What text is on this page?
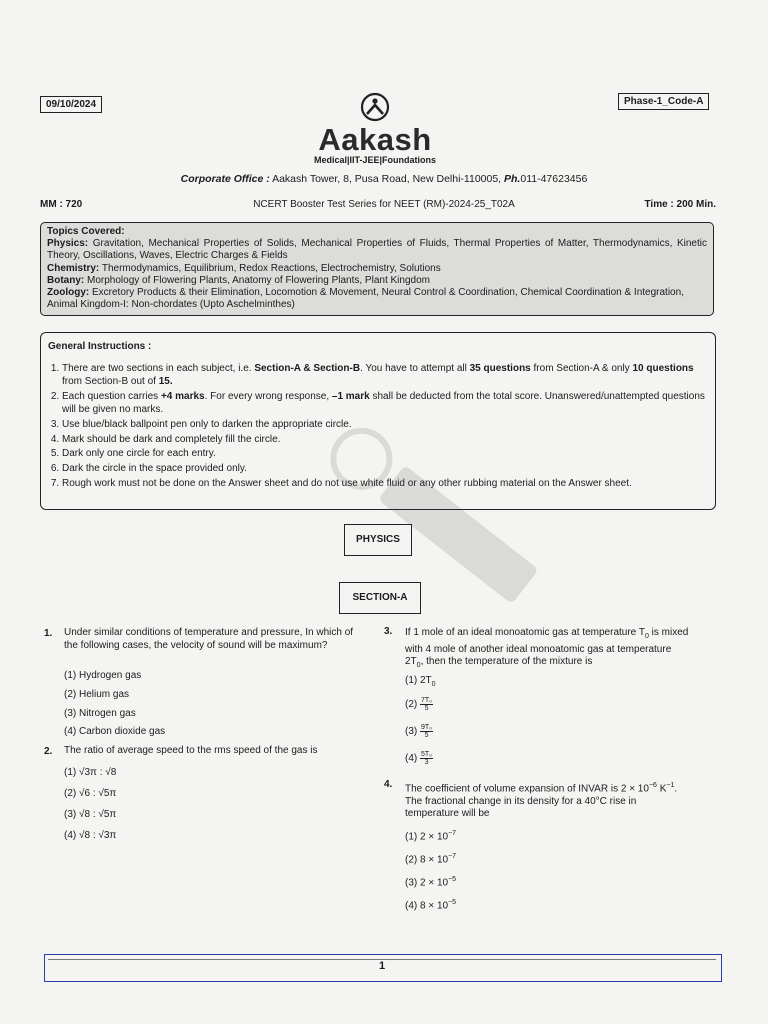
09/10/2024	Phase-1_Code-A
Aakash
Medical|IIT-JEE|Foundations
Corporate Office : Aakash Tower, 8, Pusa Road, New Delhi-110005, Ph.011-47623456
MM : 720	NCERT Booster Test Series for NEET (RM)-2024-25_T02A	Time : 200 Min.
Topics Covered:
Physics: Gravitation, Mechanical Properties of Solids, Mechanical Properties of Fluids, Thermal Properties of Matter, Thermodynamics, Kinetic Theory, Oscillations, Waves, Electric Charges & Fields
Chemistry: Thermodynamics, Equilibrium, Redox Reactions, Electrochemistry, Solutions
Botany: Morphology of Flowering Plants, Anatomy of Flowering Plants, Plant Kingdom
Zoology: Excretory Products & their Elimination, Locomotion & Movement, Neural Control & Coordination, Chemical Coordination & Integration, Animal Kingdom-I: Non-chordates (Upto Aschelminthes)
General Instructions :
1. There are two sections in each subject, i.e. Section-A & Section-B. You have to attempt all 35 questions from Section-A & only 10 questions from Section-B out of 15.
2. Each question carries +4 marks. For every wrong response, –1 mark shall be deducted from the total score. Unanswered/unattempted questions will be given no marks.
3. Use blue/black ballpoint pen only to darken the appropriate circle.
4. Mark should be dark and completely fill the circle.
5. Dark only one circle for each entry.
6. Dark the circle in the space provided only.
7. Rough work must not be done on the Answer sheet and do not use white fluid or any other rubbing material on the Answer sheet.
PHYSICS
SECTION-A
1. Under similar conditions of temperature and pressure, In which of the following cases, the velocity of sound will be maximum?
(1) Hydrogen gas
(2) Helium gas
(3) Nitrogen gas
(4) Carbon dioxide gas
2. The ratio of average speed to the rms speed of the gas is
(1) √3π : √8
(2) √6 : √5π
(3) √8 : √5π
(4) √8 : √3π
3. If 1 mole of an ideal monoatomic gas at temperature $T_0$ is mixed with 4 mole of another ideal monoatomic gas at temperature $2T_0$, then the temperature of the mixture is
(1) $2T_0$
$(2) \frac{\text{7T₀}}{5}$
$(3) \frac{\text{9T₀}}{5}$
$(4) \frac{\text{5T₀}}{3}$
4. The coefficient of volume expansion of INVAR is $2 \times 10^{-6}$ $K^{-1}$. The fractional change in its density for a 40°C rise in temperature will be
(1) $2 \times 10^{-7}$
(2) $8 \times 10^{-7}$
(3) $2 \times 10^{-5}$
(4) $8 \times 10^{-5}$
1
